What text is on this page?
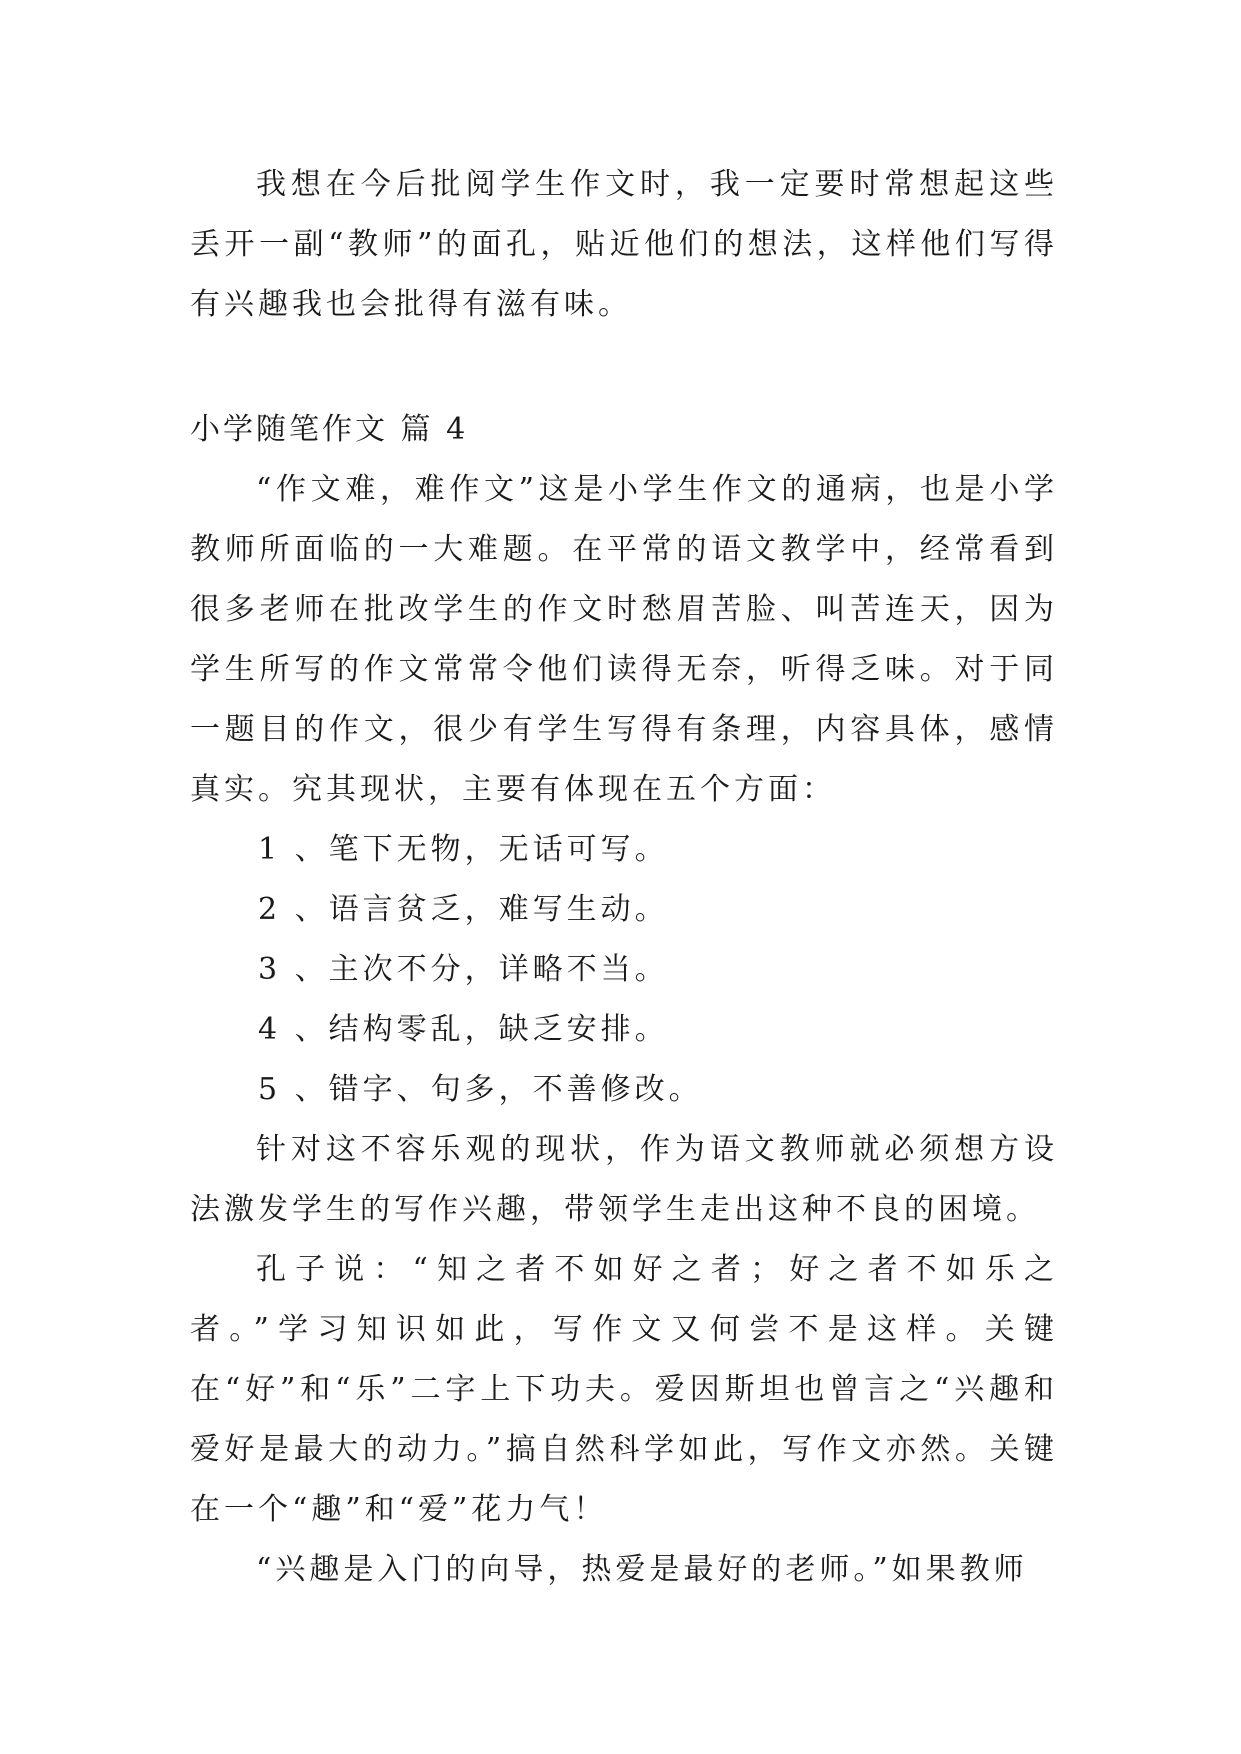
我想在今后批阅学生作文时，我一定要时常想起这些丢开一副“教师”的面孔，贴近他们的想法，这样他们写得有兴趣我也会批得有滋有味。

小学随笔作文 篇 4

“作文难，难作文”这是小学生作文的通病，也是小学教师所面临的一大难题。在平常的语文教学中，经常看到很多老师在批改学生的作文时愁眉苦脸、叫苦连天，因为学生所写的作文常常令他们读得无奈，听得乏味。对于同一题目的作文，很少有学生写得有条理，内容具体，感情真实。究其现状，主要有体现在五个方面：

1 、笔下无物，无话可写。

2 、语言贫乏，难写生动。

3 、主次不分，详略不当。

4 、结构零乱，缺乏安排。

5 、错字、句多，不善修改。

针对这不容乐观的现状，作为语文教师就必须想方设法激发学生的写作兴趣，带领学生走出这种不良的困境。

孔子说：“知之者不如好之者；好之者不如乐之者。”学习知识如此，写作文又何尝不是这样。关键在“好”和“乐”二字上下功夫。爱因斯坦也曾言之“兴趣和爱好是最大的动力。”搞自然科学如此，写作文亦然。关键在一个“趣”和“爱”花力气！

“兴趣是入门的向导，热爱是最好的老师。”如果教师
